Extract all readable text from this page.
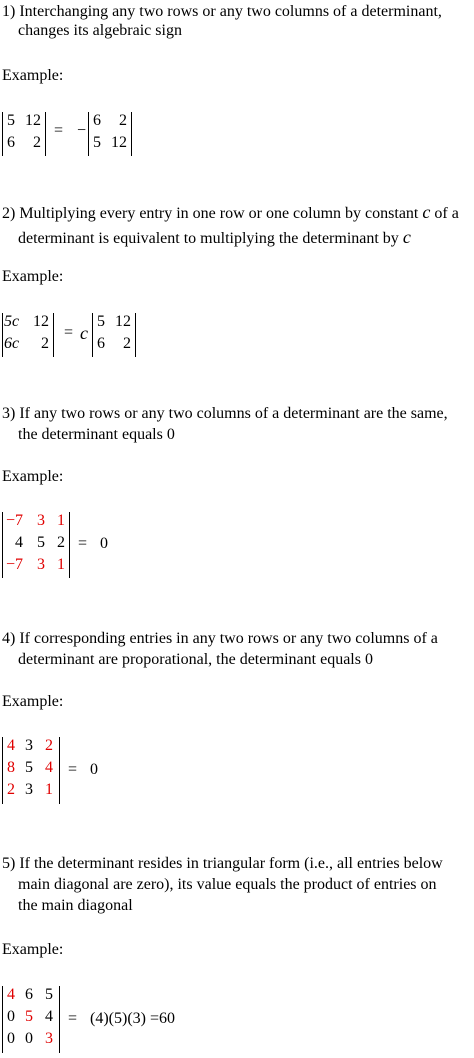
1) Interchanging any two rows or any two columns of a determinant,
changes its algebraic sign
Example:
5 12
6	2
= −
6	2
5 12
2) Multiplying every entry in one row or one column by constant c of a
determinant is equivalent to multiplying the determinant by c
Example:
5c 12
6c	2
= c
5 12
6	2
3) If any two rows or any two columns of a determinant are the same,
the determinant equals 0
Example:
−7 3 1
4 5 2
−7 3 1
= 0
4) If corresponding entries in any two rows or any two columns of a
determinant are proporational, the determinant equals 0
Example:
4 3 2
8 5 4
2 3 1
= 0
5) If the determinant resides in triangular form (i.e., all entries below
main diagonal are zero), its value equals the product of entries on
the main diagonal
Example:
4 6 5
0 5 4
0 0 3
= (4)(5)(3) =60
